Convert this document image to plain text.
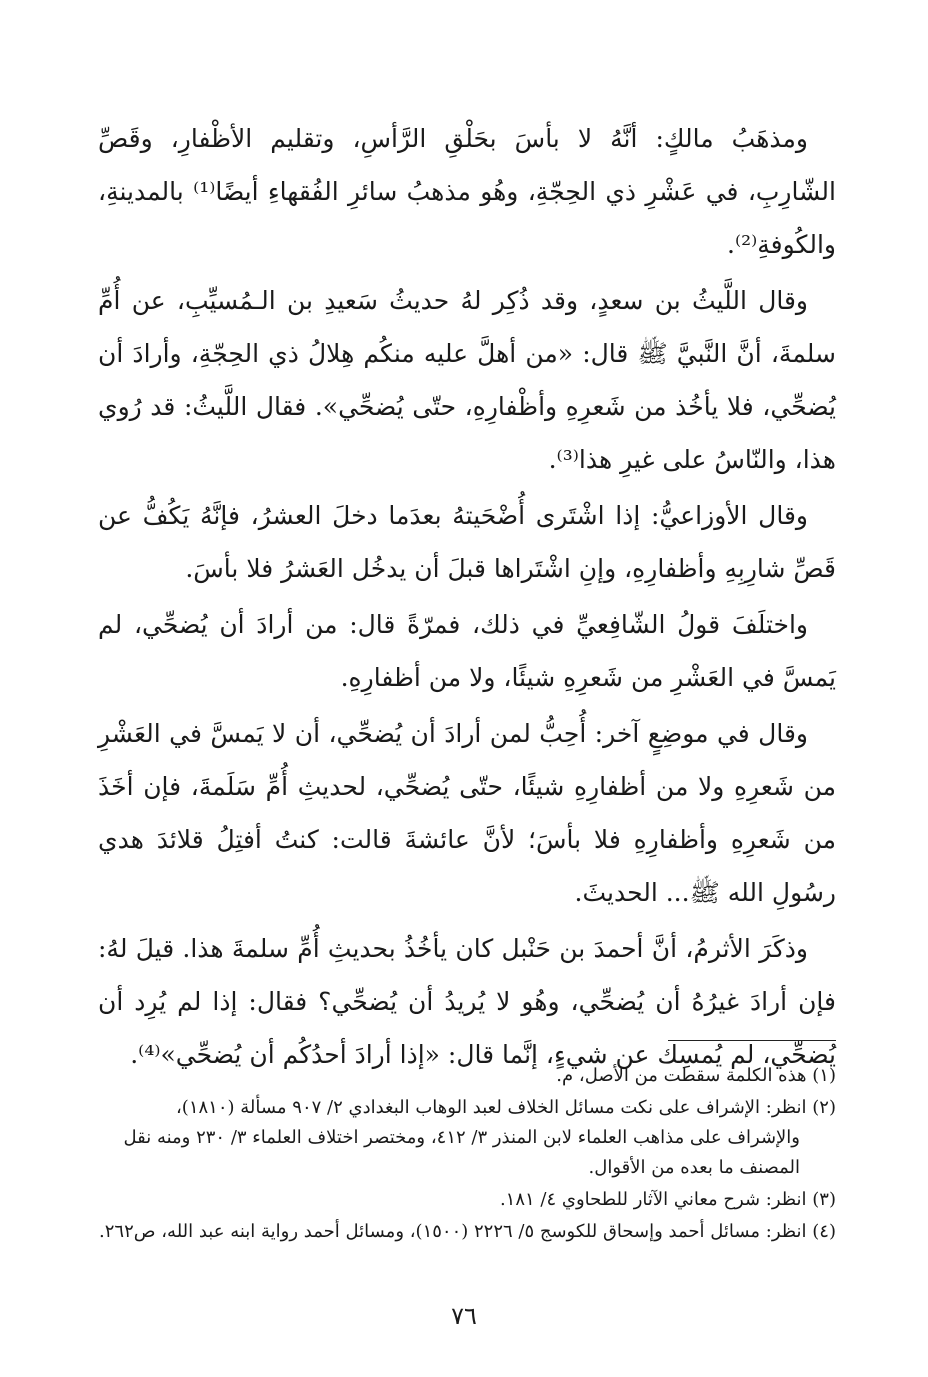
ومذهَبُ مالكٍ: أنَّهُ لا بأسَ بحَلْقِ الرَّأسِ، وتقليم الأظْفارِ، وقَصِّ الشّارِبِ، في عَشْرِ ذي الحِجّةِ، وهُو مذهبُ سائرِ الفُقهاءِ أيضًا⁽¹⁾ بالمدينةِ، والكُوفةِ⁽²⁾.

وقال اللَّيثُ بن سعدٍ، وقد ذُكِر لهُ حديثُ سَعيدِ بن الـمُسيِّبِ، عن أُمِّ سلمةَ، أنَّ النَّبيَّ ﷺ قال: «من أهلَّ عليه منكُم هِلالُ ذي الحِجّةِ، وأرادَ أن يُضحِّي، فلا يأخُذ من شَعرِهِ وأظْفارِهِ، حتّى يُضحِّي». فقال اللَّيثُ: قد رُوي هذا، والنّاسُ على غيرِ هذا⁽³⁾.

وقال الأوزاعيُّ: إذا اشْتَرى أُضْحَيتهُ بعدَما دخلَ العشرُ، فإنَّهُ يَكُفُّ عن قَصِّ شارِبِهِ وأظفارِهِ، وإنِ اشْتَراها قبلَ أن يدخُل العَشرُ فلا بأسَ.

واختلَفَ قولُ الشّافِعيِّ في ذلك، فمرّةً قال: من أرادَ أن يُضحِّي، لم يَمسَّ في العَشْرِ من شَعرِهِ شيئًا، ولا من أظفارِهِ.

وقال في موضِعٍ آخر: أُحِبُّ لمن أرادَ أن يُضحِّي، أن لا يَمسَّ في العَشْرِ من شَعرِهِ ولا من أظفارِهِ شيئًا، حتّى يُضحِّي، لحديثِ أُمِّ سَلَمةَ، فإن أخَذَ من شَعرِهِ وأظفارِهِ فلا بأسَ؛ لأنَّ عائشةَ قالت: كنتُ أفتِلُ قلائدَ هدي رسُولِ الله ﷺ... الحديثَ.

وذكَرَ الأثرمُ، أنَّ أحمدَ بن حَنْبل كان يأخُذُ بحديثِ أُمِّ سلمةَ هذا. قيلَ لهُ: فإن أرادَ غيرُهُ أن يُضحِّي، وهُو لا يُريدُ أن يُضحِّي؟ فقال: إذا لم يُرِد أن يُضحِّي، لم يُمسِك عن شيءٍ، إنَّما قال: «إذا أرادَ أحدُكُم أن يُضحِّي»⁽⁴⁾.

(١) هذه الكلمة سقطت من الأصل، م.

(٢) انظر: الإشراف على نكت مسائل الخلاف لعبد الوهاب البغدادي ٢/ ٩٠٧ مسألة (١٨١٠)، والإشراف على مذاهب العلماء لابن المنذر ٣/ ٤١٢، ومختصر اختلاف العلماء ٣/ ٢٣٠ ومنه نقل المصنف ما بعده من الأقوال.

(٣) انظر: شرح معاني الآثار للطحاوي ٤/ ١٨١.

(٤) انظر: مسائل أحمد وإسحاق للكوسج ٥/ ٢٢٢٦ (١٥٠٠)، ومسائل أحمد رواية ابنه عبد الله، ص٢٦٢.

٧٦
